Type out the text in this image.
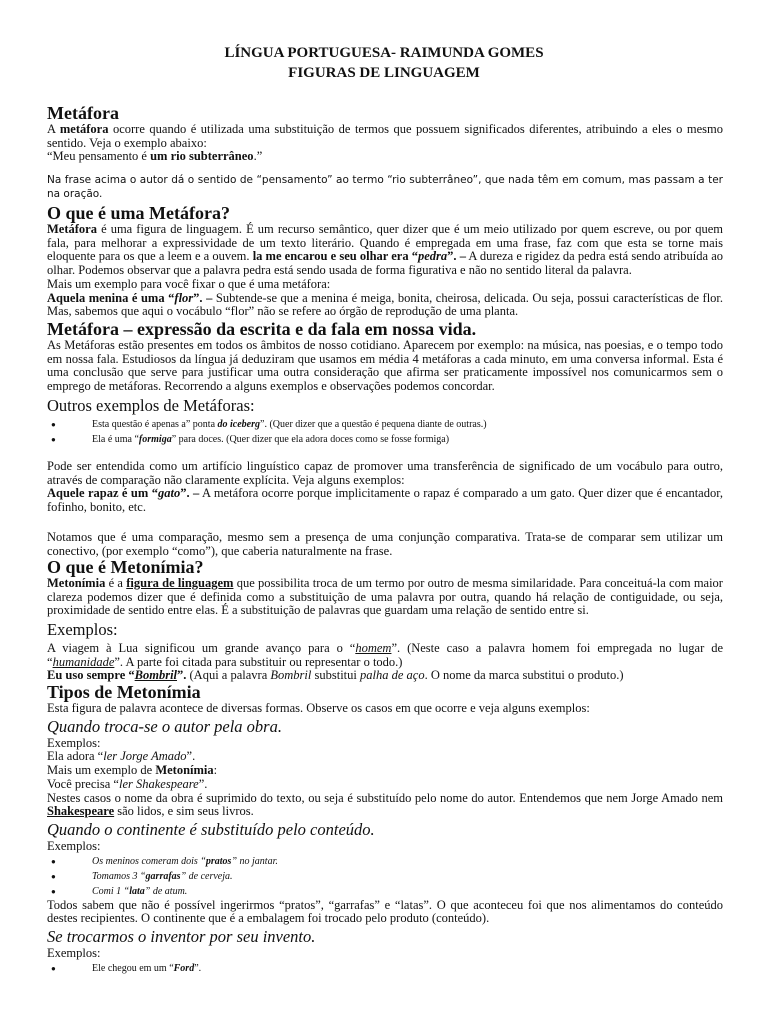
LÍNGUA PORTUGUESA- RAIMUNDA GOMES
FIGURAS DE LINGUAGEM
Metáfora

A metáfora ocorre quando é utilizada uma substituição de termos que possuem significados diferentes, atribuindo a eles o mesmo sentido. Veja o exemplo abaixo:

“Meu pensamento é um rio subterrâneo.”

Na frase acima o autor dá o sentido de “pensamento” ao termo “rio subterrâneo”, que nada têm em comum, mas passam a ter na oração.

O que é uma Metáfora?

Metáfora é uma figura de linguagem. É um recurso semântico, quer dizer que é um meio utilizado por quem escreve, ou por quem fala, para melhorar a expressividade de um texto literário. Quando é empregada em uma frase, faz com que esta se torne mais eloquente para os que a leem e a ouvem. la me encarou e seu olhar era “pedra”. – A dureza e rigidez da pedra está sendo atribuída ao olhar. Podemos observar que a palavra pedra está sendo usada de forma figurativa e não no sentido literal da palavra.

Mais um exemplo para você fixar o que é uma metáfora:

Aquela menina é uma “flor”. – Subtende-se que a menina é meiga, bonita, cheirosa, delicada. Ou seja, possui características de flor. Mas, sabemos que aqui o vocábulo “flor” não se refere ao órgão de reprodução de uma planta.

Metáfora – expressão da escrita e da fala em nossa vida.

As Metáforas estão presentes em todos os âmbitos de nosso cotidiano. Aparecem por exemplo: na música, nas poesias, e o tempo todo em nossa fala. Estudiosos da língua já deduziram que usamos em média 4 metáforas a cada minuto, em uma conversa informal. Esta é uma conclusão que serve para justificar uma outra consideração que afirma ser praticamente impossível nos comunicarmos sem o emprego de metáforas. Recorrendo a alguns exemplos e observações podemos concordar.

Outros exemplos de Metáforas:
● Esta questão é apenas a” ponta do iceberg”. (Quer dizer que a questão é pequena diante de outras.)
● Ela é uma “formiga” para doces. (Quer dizer que ela adora doces como se fosse formiga)

Pode ser entendida como um artifício linguístico capaz de promover uma transferência de significado de um vocábulo para outro, através de comparação não claramente explícita. Veja alguns exemplos:

Aquele rapaz é um “gato”. – A metáfora ocorre porque implicitamente o rapaz é comparado a um gato. Quer dizer que é encantador, fofinho, bonito, etc.

Notamos que é uma comparação, mesmo sem a presença de uma conjunção comparativa. Trata-se de comparar sem utilizar um conectivo, (por exemplo “como”), que caberia naturalmente na frase.

O que é Metonímia?

Metonímia é a figura de linguagem que possibilita troca de um termo por outro de mesma similaridade. Para conceituá-la com maior clareza podemos dizer que é definida como a substituição de uma palavra por outra, quando há relação de contiguidade, ou seja, proximidade de sentido entre elas. É a substituição de palavras que guardam uma relação de sentido entre si.

Exemplos:

A viagem à Lua significou um grande avanço para o “homem”. (Neste caso a palavra homem foi empregada no lugar de “humanidade”. A parte foi citada para substituir ou representar o todo.)

Eu uso sempre “Bombril”. (Aqui a palavra Bombril substitui palha de aço. O nome da marca substitui o produto.)

Tipos de Metonímia

Esta figura de palavra acontece de diversas formas. Observe os casos em que ocorre e veja alguns exemplos:

Quando troca-se o autor pela obra.

Exemplos:

Ela adora “ler Jorge Amado”.

Mais um exemplo de Metonímia:

Você precisa “ler Shakespeare”.

Nestes casos o nome da obra é suprimido do texto, ou seja é substituído pelo nome do autor. Entendemos que nem Jorge Amado nem Shakespeare são lidos, e sim seus livros.

Quando o continente é substituído pelo conteúdo.

Exemplos:

● Os meninos comeram dois “pratos” no jantar.
● Tomamos 3 “garrafas” de cerveja.
● Comi 1 “lata” de atum.

Todos sabem que não é possível ingerirmos “pratos”, “garrafas” e “latas”. O que aconteceu foi que nos alimentamos do conteúdo destes recipientes. O continente que é a embalagem foi trocado pelo produto (conteúdo).

Se trocarmos o inventor por seu invento.

Exemplos:

● Ele chegou em um “Ford”.
